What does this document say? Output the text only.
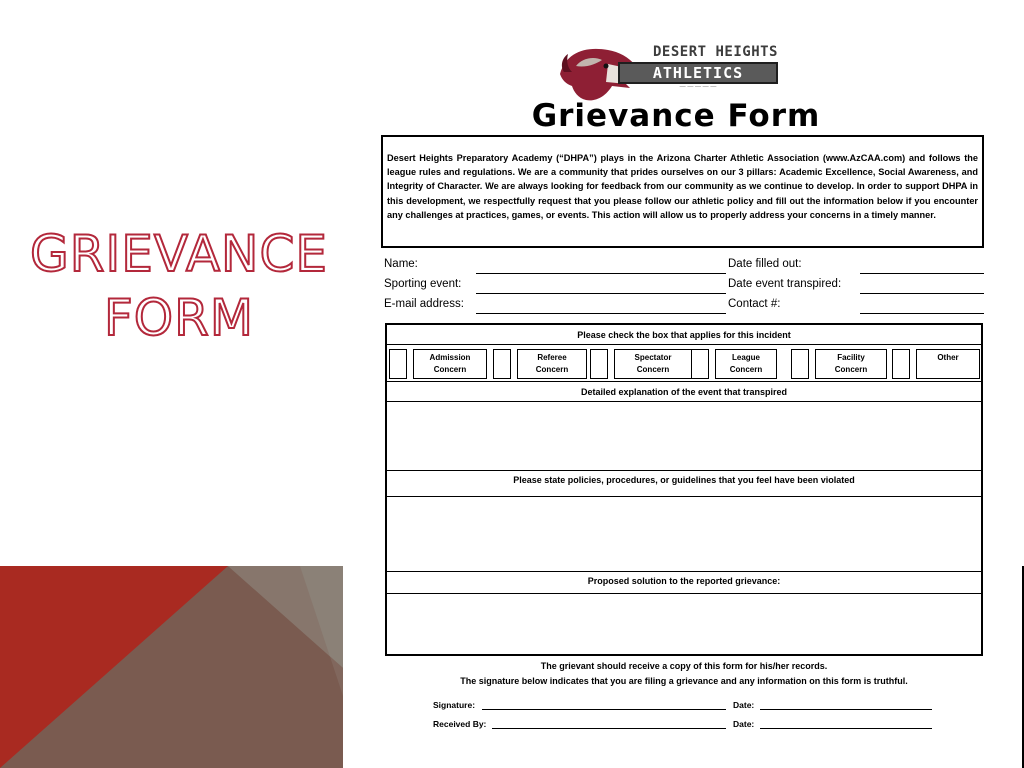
GRIEVANCE
FORM
DESERT HEIGHTS
ATHLETICS
— — — — —
Grievance Form

Desert Heights Preparatory Academy (“DHPA”) plays in the Arizona Charter Athletic Association (www.AzCAA.com) and follows the league rules and regulations. We are a community that prides ourselves on our 3 pillars: Academic Excellence, Social Awareness, and Integrity of Character. We are always looking for feedback from our community as we continue to develop. In order to support DHPA in this development, we respectfully request that you please follow our athletic policy and fill out the information below if you encounter any challenges at practices, games, or events. This action will allow us to properly address your concerns in a timely manner.

Name:	Date filled out:
Sporting event:	Date event transpired:
E-mail address:	Contact #:
Please check the box that applies for this incident
Admission
Concern
Referee
Concern
Spectator
Concern
League
Concern
Facility
Concern
Other
Detailed explanation of the event that transpired
Please state policies, procedures, or guidelines that you feel have been violated
Proposed solution to the reported grievance:
The grievant should receive a copy of this form for his/her records.
The signature below indicates that you are filing a grievance and any information on this form is truthful.
Signature:	Date:
Received By:	Date:
